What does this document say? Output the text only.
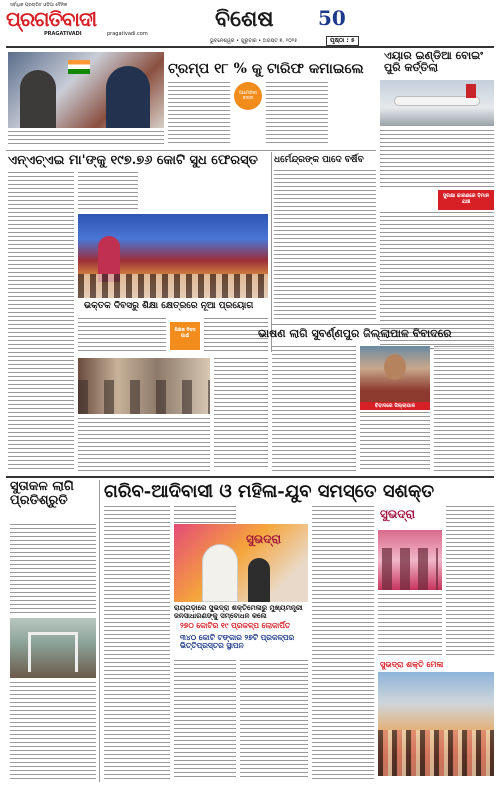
ସର୍ବାଧିକ ପ୍ରଚାରିତ ଓଡ଼ିଆ ଦୈନିକ
ପ୍ରଗତିବାଦୀ
PRAGATIVADI	pragativadi.com
ବିଶେଷ 50
ଭୁବନେଶ୍ୱର • ଗୁରୁବାର • ଅଗଷ୍ଟ ୭, ୨୦୨୫	ପୃଷ୍ଠା : ୫
ଟ୍ରମ୍ପ ୧୮ % କୁ ଟାରିଫ କମାଇଲେ
ଆମେରିକା ବଜାର
ଏୟାର ଇଣ୍ଡିଆ ବୋଇଂ ପୁରି କର୍ତ୍ତିଲା
ସୁରକ୍ଷା କାରଣରେ ବିମାନ ଯାଞ୍ଚ
ଏନ୍‌ଏଚ୍‌ଏଇ ମା'ଙ୍କୁ ୧୯୭.୭୬ କୋଟି ସୁଧ ଫେରସ୍ତ
ଭକ୍ତକ ଦିବସରୁ ଶିକ୍ଷା କ୍ଷେତ୍ରରେ ନୂଆ ପ୍ରୟୋଗ
ଶିକ୍ଷକ ଦିବସ ପାଇଁ
ଧର୍ମେନ୍ଦ୍ରଙ୍କ ପାଦେ ବର୍ଷିବ
ଭାଷଣ ଲାଗି ସୁବର୍ଣ୍ଣପୁର ଜିଲ୍ଲାପାଳ ବିବାଦରେ
ବିବାଦରେ ଜିଲ୍ଲାପାଳ
ସୁତାକଳ ଲାଗି ପ୍ରତିଶ୍ରୁତି	ଗରିବ-ଆଦିବାସୀ ଓ ମହିଳା-ଯୁବ ସମସ୍ତେ ସଶକ୍ତ
ସୁଭଦ୍ରା
ରାୟଗଡ଼ାରେ ସୁଭଦ୍ରା ଶକ୍ତିମେଳାରୁ ମୁଖ୍ୟମନ୍ତ୍ରୀ ଜନସାଧାରଣଙ୍କୁ ସମ୍ବୋଧନ କଲେ
୨୭୦ କୋଟିର ୧୯ ପ୍ରକଳ୍ପ ଲୋକାର୍ପିତ
୩୪୦ କୋଟି ଟଙ୍କାର ୨୭ଟି ପ୍ରକଳ୍ପର ଭିତ୍ତିପ୍ରସ୍ତର ସ୍ଥାପନ
ସୁଭଦ୍ରା
ସୁଭଦ୍ରା ଶକ୍ତି ମେଳା
